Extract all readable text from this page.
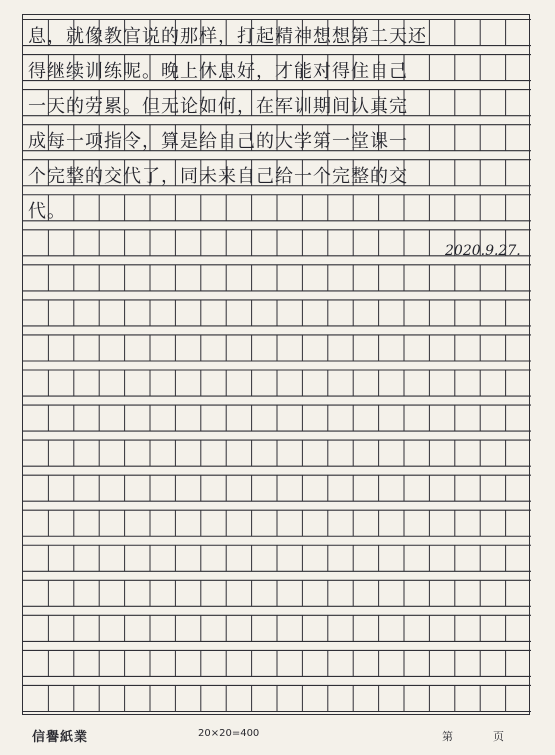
息，就像教官说的那样，打起精神想想第二天还
得继续训练呢。晚上休息好，才能对得住自己
一天的劳累。但无论如何，在军训期间认真完
成每一项指令，算是给自己的大学第一堂课一
个完整的交代了，同未来自己给一个完整的交
代。
2020.9.27.
信譽紙業	20×20=400	第	页
